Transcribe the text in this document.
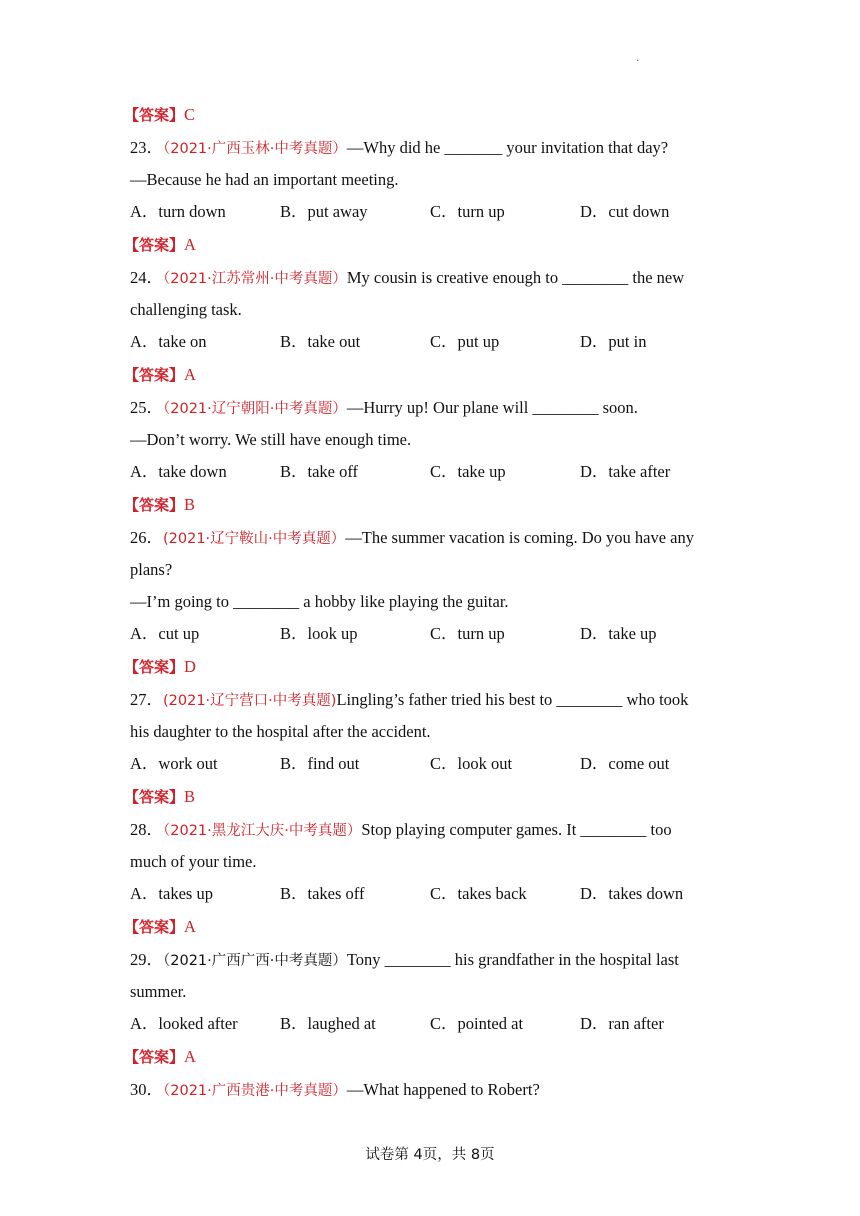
·
【答案】C
23．（2021·广西玉林·中考真题）—Why did he _______ your invitation that day?
—Because he had an important meeting.
A．turn down	B．put away	C．turn up	D．cut down
【答案】A
24．（2021·江苏常州·中考真题）My cousin is creative enough to ________ the new
challenging task.
A．take on	B．take out	C．put up	D．put in
【答案】A
25．（2021·辽宁朝阳·中考真题）—Hurry up! Our plane will ________ soon.
—Don’t worry. We still have enough time.
A．take down	B．take off	C．take up	D．take after
【答案】B
26．(2021·辽宁鞍山·中考真题）—The summer vacation is coming. Do you have any
plans?
—I’m going to ________ a hobby like playing the guitar.
A．cut up	B．look up	C．turn up	D．take up
【答案】D
27．(2021·辽宁营口·中考真题)Lingling’s father tried his best to ________ who took
his daughter to the hospital after the accident.
A．work out	B．find out	C．look out	D．come out
【答案】B
28．（2021·黑龙江大庆·中考真题）Stop playing computer games. It ________ too
much of your time.
A．takes up	B．takes off	C．takes back	D．takes down
【答案】A
29．（2021·广西广西·中考真题）Tony ________ his grandfather in the hospital last
summer.
A．looked after	B．laughed at	C．pointed at	D．ran after
【答案】A
30．（2021·广西贵港·中考真题）—What happened to Robert?
试卷第 4页，共 8页
